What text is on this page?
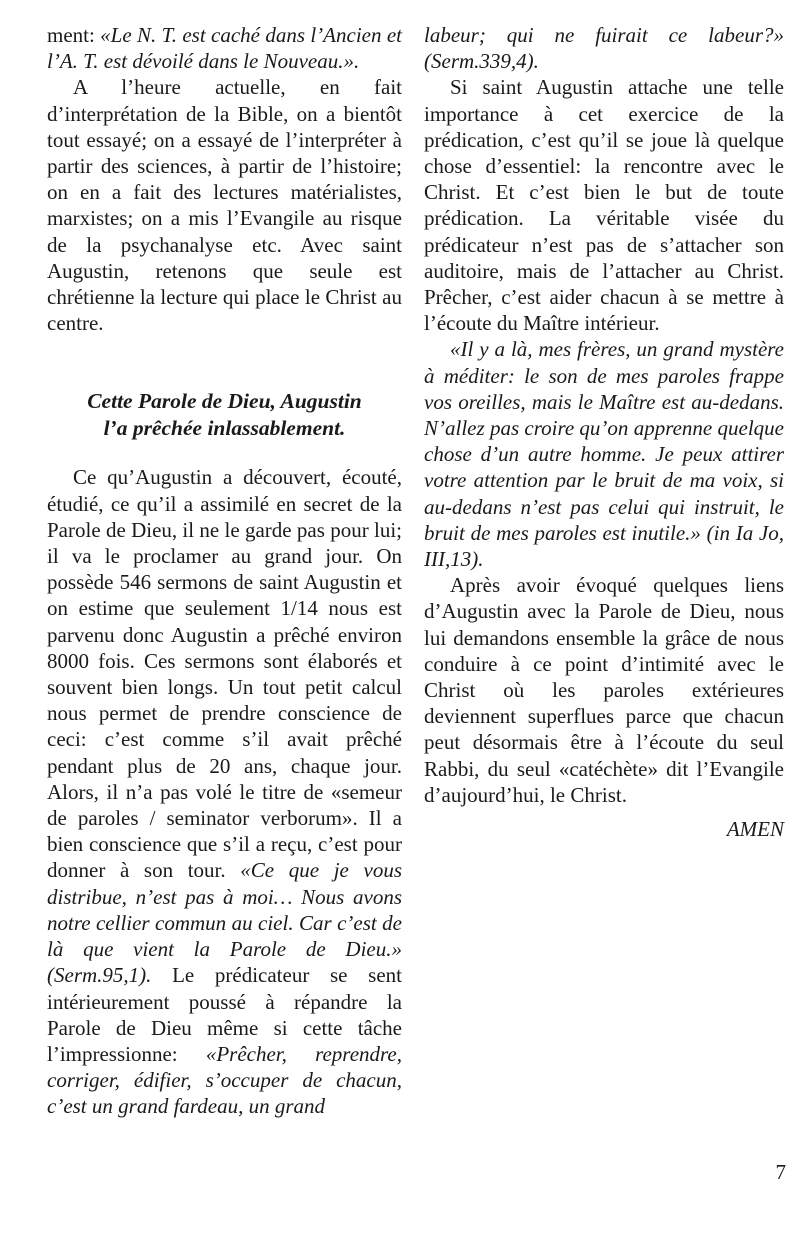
ment: «Le N. T. est caché dans l’Ancien et l’A. T. est dévoilé dans le Nouveau.».

A l’heure actuelle, en fait d’interprétation de la Bible, on a bientôt tout essayé; on a essayé de l’interpréter à partir des sciences, à partir de l’histoire; on en a fait des lectures matérialistes, marxistes; on a mis l’Evangile au risque de la psychanalyse etc. Avec saint Augustin, retenons que seule est chrétienne la lecture qui place le Christ au centre.

Cette Parole de Dieu, Augustin
l’a prêchée inlassablement.

Ce qu’Augustin a découvert, écouté, étudié, ce qu’il a assimilé en secret de la Parole de Dieu, il ne le garde pas pour lui; il va le proclamer au grand jour. On possède 546 sermons de saint Augustin et on estime que seulement 1/14 nous est parvenu donc Augustin a prêché environ 8000 fois. Ces sermons sont élaborés et souvent bien longs. Un tout petit calcul nous permet de prendre conscience de ceci: c’est comme s’il avait prêché pendant plus de 20 ans, chaque jour. Alors, il n’a pas volé le titre de «semeur de paroles / seminator verborum». Il a bien conscience que s’il a reçu, c’est pour donner à son tour. «Ce que je vous distribue, n’est pas à moi… Nous avons notre cellier commun au ciel. Car c’est de là que vient la Parole de Dieu.» (Serm.95,1). Le prédicateur se sent intérieurement poussé à répandre la Parole de Dieu même si cette tâche l’impressionne: «Prêcher, reprendre, corriger, édifier, s’occuper de chacun, c’est un grand fardeau, un grand

labeur; qui ne fuirait ce labeur?» (Serm.339,4).

Si saint Augustin attache une telle importance à cet exercice de la prédication, c’est qu’il se joue là quelque chose d’essentiel: la rencontre avec le Christ. Et c’est bien le but de toute prédication. La véritable visée du prédicateur n’est pas de s’attacher son auditoire, mais de l’attacher au Christ. Prêcher, c’est aider chacun à se mettre à l’écoute du Maître intérieur.

«Il y a là, mes frères, un grand mystère à méditer: le son de mes paroles frappe vos oreilles, mais le Maître est au-dedans. N’allez pas croire qu’on apprenne quelque chose d’un autre homme. Je peux attirer votre attention par le bruit de ma voix, si au-dedans n’est pas celui qui instruit, le bruit de mes paroles est inutile.» (in Ia Jo, III,13).

Après avoir évoqué quelques liens d’Augustin avec la Parole de Dieu, nous lui demandons ensemble la grâce de nous conduire à ce point d’intimité avec le Christ où les paroles extérieures deviennent superflues parce que chacun peut désormais être à l’écoute du seul Rabbi, du seul «catéchète» dit l’Evangile d’aujourd’hui, le Christ.

AMEN

7
